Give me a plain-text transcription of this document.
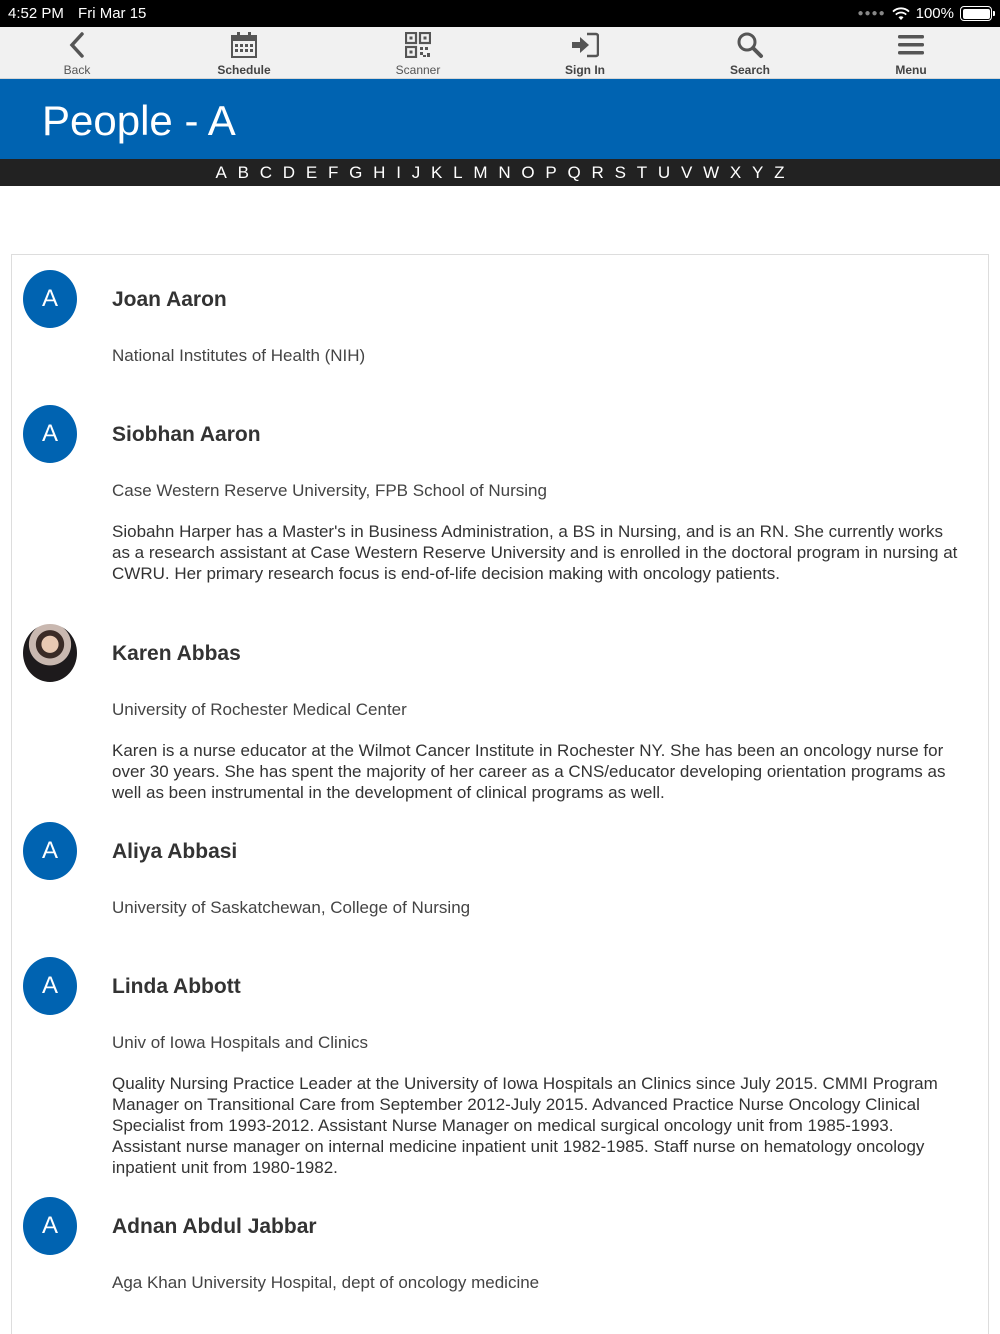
4:52 PM Fri Mar 15	●●●● 100%
Back	Schedule	Scanner	Sign In	Search	Menu
People - A
A B C D E F G H I J K L M N O P Q R S T U V W X Y Z
A	Joan Aaron
National Institutes of Health (NIH)
A	Siobhan Aaron
Case Western Reserve University, FPB School of Nursing
Siobahn Harper has a Master's in Business Administration, a BS in Nursing, and is an RN. She currently works as a research assistant at Case Western Reserve University and is enrolled in the doctoral program in nursing at CWRU. Her primary research focus is end-of-life decision making with oncology patients.
Karen Abbas
University of Rochester Medical Center
Karen is a nurse educator at the Wilmot Cancer Institute in Rochester NY. She has been an oncology nurse for over 30 years. She has spent the majority of her career as a CNS/educator developing orientation programs as well as been instrumental in the development of clinical programs as well.
A	Aliya Abbasi
University of Saskatchewan, College of Nursing
A	Linda Abbott
Univ of Iowa Hospitals and Clinics
Quality Nursing Practice Leader at the University of Iowa Hospitals an Clinics since July 2015. CMMI Program Manager on Transitional Care from September 2012-July 2015. Advanced Practice Nurse Oncology Clinical Specialist from 1993-2012. Assistant Nurse Manager on medical surgical oncology unit from 1985-1993. Assistant nurse manager on internal medicine inpatient unit 1982-1985. Staff nurse on hematology oncology inpatient unit from 1980-1982.
A	Adnan Abdul Jabbar
Aga Khan University Hospital, dept of oncology medicine
